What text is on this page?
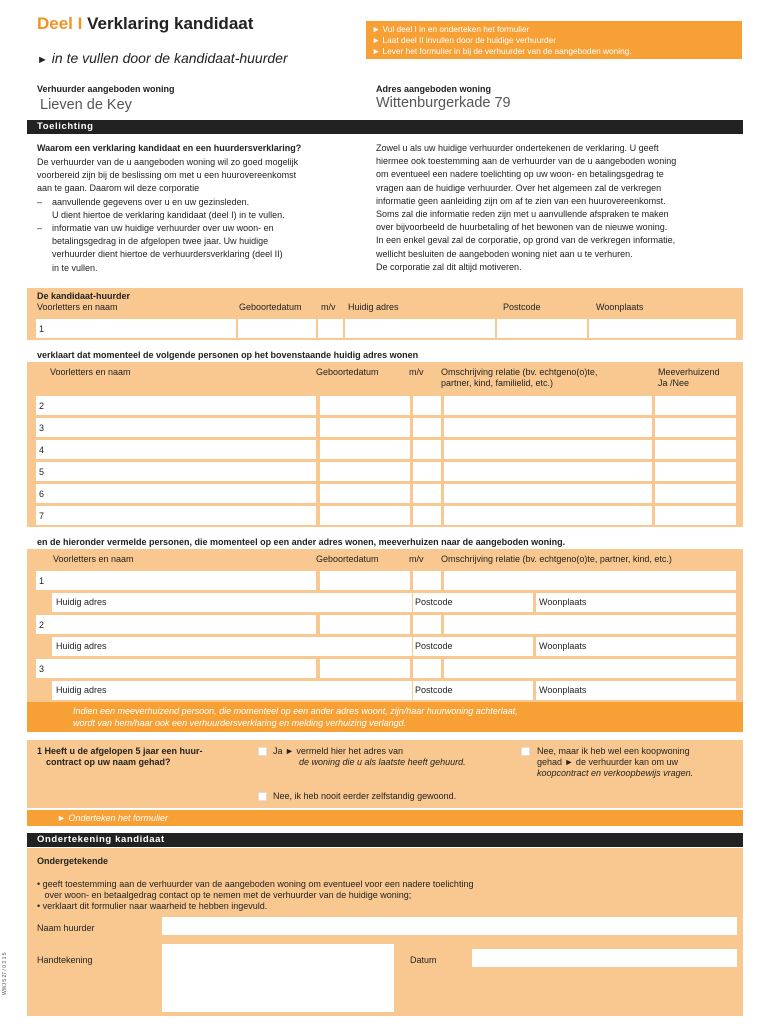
Deel I Verklaring kandidaat
► in te vullen door de kandidaat-huurder
► Vul deel I in en onderteken het formulier
► Laat deel II invullen door de huidige verhuurder
► Lever het formulier in bij de verhuurder van de aangeboden woning.
Verhuurder aangeboden woning
Lieven de Key
Adres aangeboden woning
Wittenburgerkade 79
Toelichting
Waarom een verklaring kandidaat en een huurdersverklaring?
De verhuurder van de u aangeboden woning wil zo goed mogelijk
voorbereid zijn bij de beslissing om met u een huurovereenkomst
aan te gaan. Daarom wil deze corporatie
–    aanvullende gegevens over u en uw gezinsleden.
U dient hiertoe de verklaring kandidaat (deel I) in te vullen.
–    informatie van uw huidige verhuurder over uw woon- en
betalingsgedrag in de afgelopen twee jaar. Uw huidige
verhuurder dient hiertoe de verhuurdersverklaring (deel II)
in te vullen.
Zowel u als uw huidige verhuurder ondertekenen de verklaring. U geeft
hiermee ook toestemming aan de verhuurder van de u aangeboden woning
om eventueel een nadere toelichting op uw woon- en betalingsgedrag te
vragen aan de huidige verhuurder. Over het algemeen zal de verkregen
informatie geen aanleiding zijn om af te zien van een huurovereenkomst.
Soms zal die informatie reden zijn met u aanvullende afspraken te maken
over bijvoorbeeld de huurbetaling of het bewonen van de nieuwe woning.
In een enkel geval zal de corporatie, op grond van de verkregen informatie,
wellicht besluiten de aangeboden woning niet aan u te verhuren.
De corporatie zal dit altijd motiveren.
De kandidaat-huurder
Voorletters en naam	Geboortedatum m/v Huidig adres	Postcode	Woonplaats
1
verklaart dat momenteel de volgende personen op het bovenstaande huidig adres wonen
Voorletters en naam	Geboortedatum	m/v Omschrijving relatie (bv. echtgeno(o)te,
partner, kind, familielid, etc.)
Meeverhuizend
Ja /Nee
2
3
4
5
6
7
en de hieronder vermelde personen, die momenteel op een ander adres wonen, meeverhuizen naar de aangeboden woning.
Voorletters en naam	Geboortedatum	m/v Omschrijving relatie (bv. echtgeno(o)te, partner, kind, etc.)
1
Huidig adres	Postcode	Woonplaats
2
Huidig adres	Postcode	Woonplaats
3
Huidig adres	Postcode	Woonplaats
Indien een meeverhuizend persoon, die momenteel op een ander adres woont, zijn/haar huurwoning achterlaat,
wordt van hem/haar ook een verhuurdersverklaring en melding verhuizing verlangd.
1 Heeft u de afgelopen 5 jaar een huur-
contract op uw naam gehad?
Ja ► vermeld hier het adres van
de woning die u als laatste heeft gehuurd.
Nee, maar ik heb wel een koopwoning
gehad ► de verhuurder kan om uw
koopcontract en verkoopbewijs vragen.
Nee, ik heb nooit eerder zelfstandig gewoond.
► Onderteken het formulier
Ondertekening kandidaat
Ondergetekende
• geeft toestemming aan de verhuurder van de aangeboden woning om eventueel voor een nadere toelichting
over woon- en betaalgedrag contact op te nemen met de verhuurder van de huidige woning;
• verklaart dit formulier naar waarheid te hebben ingevuld.
Naam huurder
Handtekening	Datum
WWJ 5 27 / 0 3 1 5
